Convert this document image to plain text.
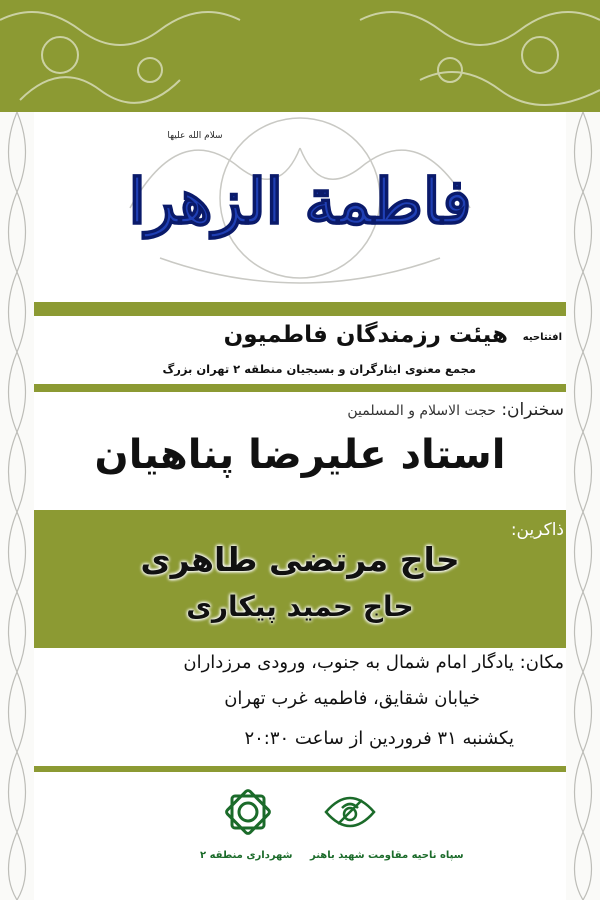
فاطمة الزهرا
سلام الله علیها
هیئت رزمندگان فاطمیون افتتاحیه
مجمع معنوی ایثارگران و بسیجیان منطقه ۲ تهران بزرگ
سخنران: حجت الاسلام و المسلمین
استاد علیرضا پناهیان
ذاکرین:
حاج مرتضی طاهری
حاج حمید پیکاری
مکان: یادگار امام شمال به جنوب، ورودی مرزداران
خیابان شقایق، فاطمیه غرب تهران
یکشنبه ۳۱ فروردین از ساعت ۲۰:۳۰
شهرداری منطقه ۲ سپاه ناحیه مقاومت شهید باهنر
